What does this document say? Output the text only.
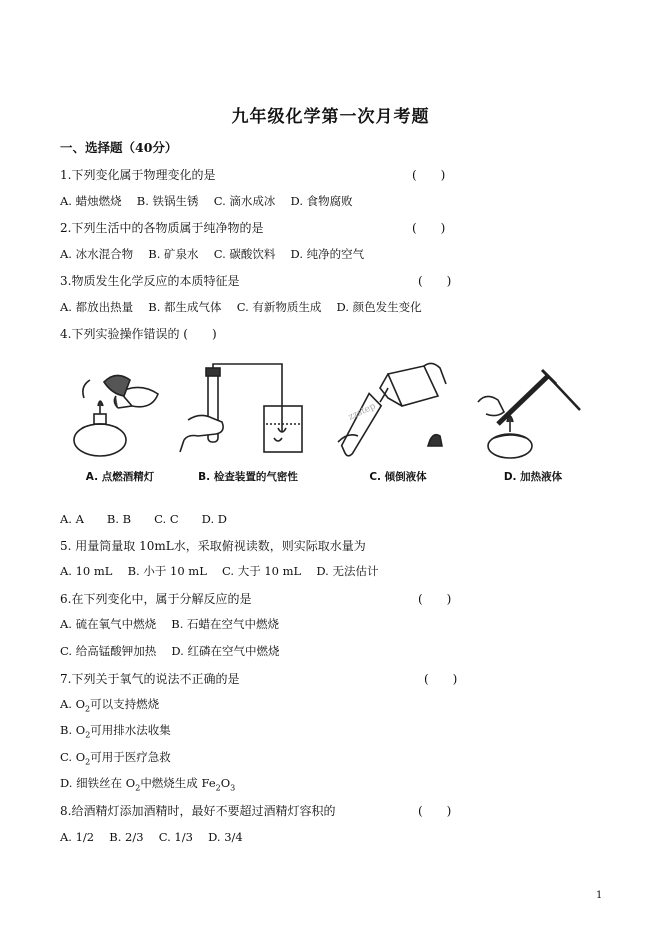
九年级化学第一次月考题
一、选择题（40分）
1.下列变化属于物理变化的是	(　　)
A. 蜡烛燃烧　 B. 铁锅生锈　 C. 滴水成冰　 D. 食物腐败
2.下列生活中的各物质属于纯净物的是	(　　)
A. 冰水混合物　 B. 矿泉水　 C. 碳酸饮料　 D. 纯净的空气
3.物质发生化学反应的本质特征是	(　　)
A. 都放出热量　 B. 都生成气体　 C. 有新物质生成　 D. 颜色发生变化
4.下列实验操作错误的 (　　)
A. 点燃酒精灯	B. 检查装置的气密性
zzstep
C. 倾倒液体	D. 加热液体
A. A　　B. B　　C. C　　D. D
5. 用量筒量取 10mL水，采取俯视读数，则实际取水量为
A. 10 mL　 B. 小于 10 mL　 C. 大于 10 mL　 D. 无法估计
6.在下列变化中，属于分解反应的是	(　　)
A. 硫在氧气中燃烧　 B. 石蜡在空气中燃烧
C. 给高锰酸钾加热　 D. 红磷在空气中燃烧
7.下列关于氧气的说法不正确的是	(　　)
A. $O_2$可以支持燃烧
B. $O_2$可用排水法收集
C. $O_2$可用于医疗急救
D. 细铁丝在 $O_2$中燃烧生成 $Fe_2O_3$
8.给酒精灯添加酒精时，最好不要超过酒精灯容积的	(　　)
A. 1/2　 B. 2/3　 C. 1/3　 D. 3/4
1
